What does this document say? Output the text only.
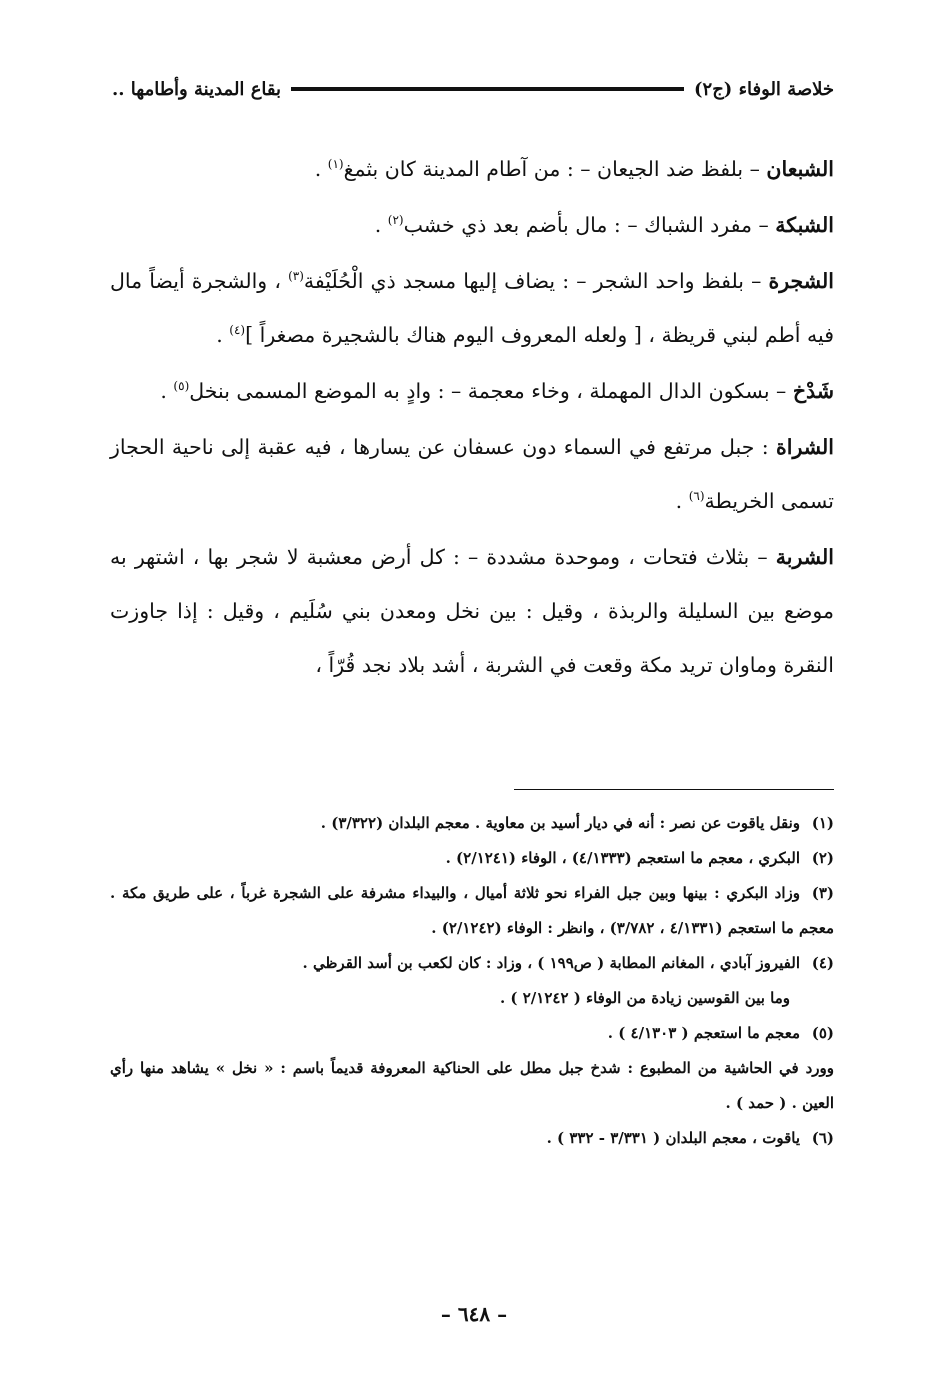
خلاصة الوفاء (ج٢)
بقاع المدينة وأطامها ..

الشبعان – بلفظ ضد الجيعان – : من آطام المدينة كان بثمغ$^{(١)}$ .

الشبكة – مفرد الشباك – : مال بأضم بعد ذي خشب$^{(٢)}$ .

الشجرة – بلفظ واحد الشجر – : يضاف إليها مسجد ذي الْحُلَيْفة$^{(٣)}$ ، والشجرة أيضاً مال فيه أطم لبني قريظة ، [ ولعله المعروف اليوم هناك بالشجيرة مصغراً ]$^{(٤)}$ .

شَدْخ – بسكون الدال المهملة ، وخاء معجمة – : وادٍ به الموضع المسمى بنخل$^{(٥)}$ .

الشراة : جبل مرتفع في السماء دون عسفان عن يسارها ، فيه عقبة إلى ناحية الحجاز تسمى الخريطة$^{(٦)}$ .

الشربة – بثلاث فتحات ، وموحدة مشددة – : كل أرض معشبة لا شجر بها ، اشتهر به موضع بين السليلة والربذة ، وقيل : بين نخل ومعدن بني سُلَيم ، وقيل : إذا جاوزت النقرة وماوان تريد مكة وقعت في الشربة ، أشد بلاد نجد قُرّاً ،

(١)ونقل ياقوت عن نصر : أنه في ديار أسيد بن معاوية . معجم البلدان (٣/٣٢٢) .
(٢)البكري ، معجم ما استعجم (٤/١٣٣٣) ، الوفاء (٢/١٢٤١) .
(٣)وزاد البكري : بينها وبين جبل الفراء نحو ثلاثة أميال ، والبيداء مشرفة على الشجرة غرباً ، على طريق مكة . معجم ما استعجم (٤/١٣٣١ ، ٣/٧٨٢) ، وانظر : الوفاء (٢/١٢٤٢) .
(٤)الفيروز آبادي ، المغانم المطابة ( ص١٩٩ ) ، وزاد : كان لكعب بن أسد القرظي .
وما بين القوسين زيادة من الوفاء ( ٢/١٢٤٢ ) .
(٥)معجم ما استعجم ( ٤/١٣٠٣ ) .
وورد في الحاشية من المطبوع : شدخ جبل مطل على الحناكية المعروفة قديماً باسم : « نخل » يشاهد منها رأي العين . ( حمد ) .
(٦)ياقوت ، معجم البلدان ( ٣/٣٣١ - ٣٣٢ ) .
– ٦٤٨ –
